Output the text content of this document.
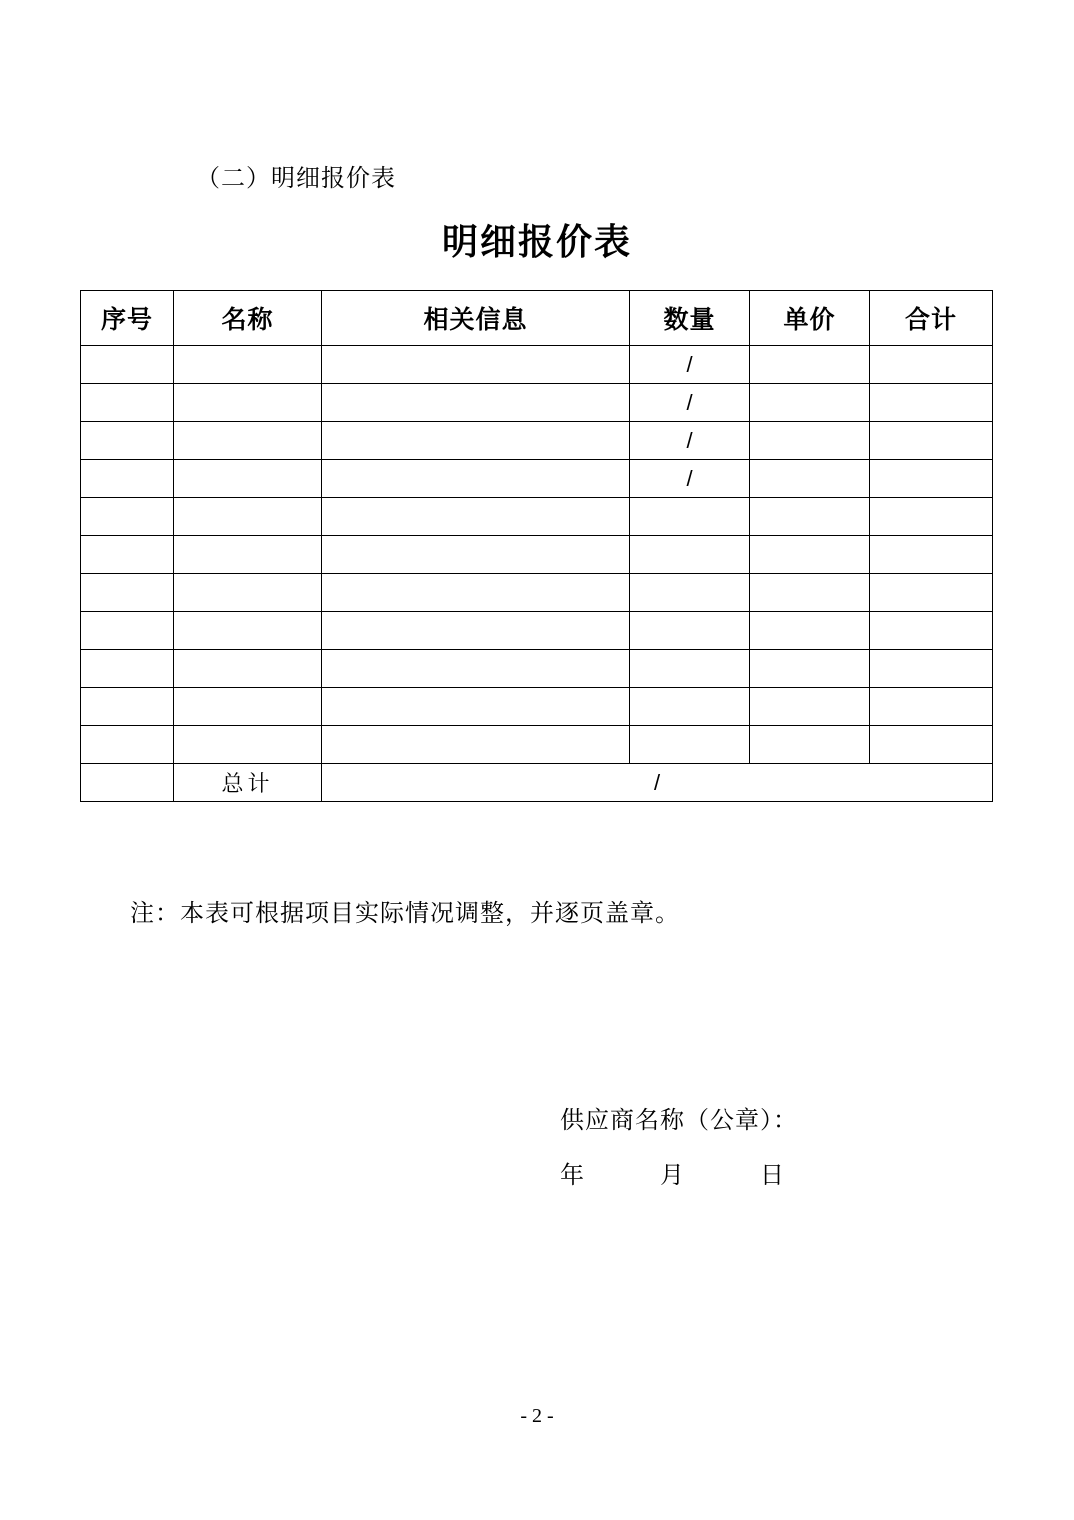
（二）明细报价表
明细报价表
序号	名称	相关信息	数量	单价	合计
			/		
			/		
			/		
			/		

	总计	/			
注：本表可根据项目实际情况调整，并逐页盖章。
供应商名称（公章）：
年	月	日
- 2 -
